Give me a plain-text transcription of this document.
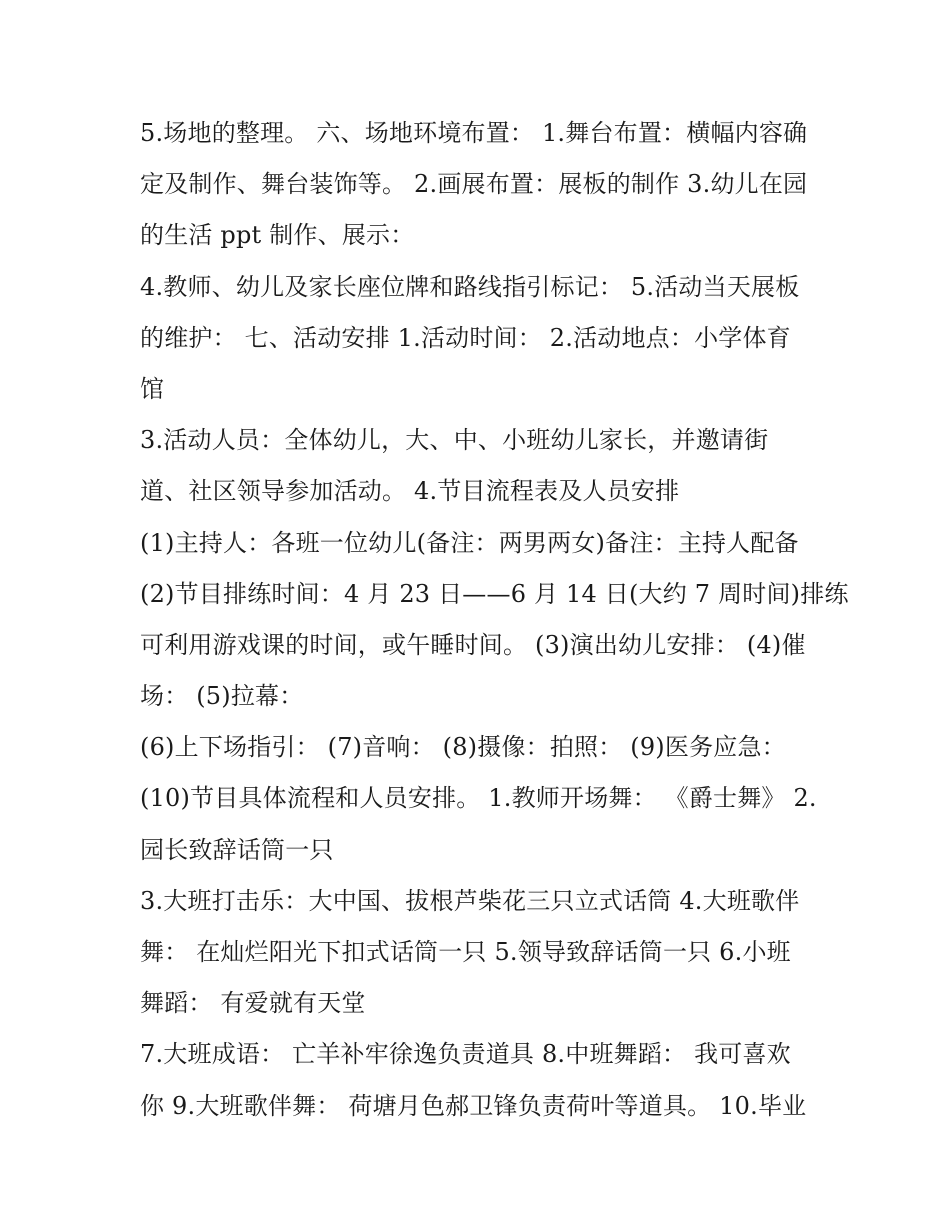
5.场地的整理。 六、场地环境布置： 1.舞台布置：横幅内容确
定及制作、舞台装饰等。 2.画展布置：展板的制作 3.幼儿在园
的生活 ppt 制作、展示：
4.教师、幼儿及家长座位牌和路线指引标记： 5.活动当天展板
的维护： 七、活动安排 1.活动时间： 2.活动地点：小学体育
馆
3.活动人员：全体幼儿，大、中、小班幼儿家长，并邀请街
道、社区领导参加活动。 4.节目流程表及人员安排
(1)主持人：各班一位幼儿(备注：两男两女)备注：主持人配备
(2)节目排练时间：4 月 23 日——6 月 14 日(大约 7 周时间)排练
可利用游戏课的时间，或午睡时间。 (3)演出幼儿安排： (4)催
场： (5)拉幕：
(6)上下场指引： (7)音响： (8)摄像：拍照： (9)医务应急：
(10)节目具体流程和人员安排。 1.教师开场舞： 《爵士舞》 2.
园长致辞话筒一只
3.大班打击乐：大中国、拔根芦柴花三只立式话筒 4.大班歌伴
舞： 在灿烂阳光下扣式话筒一只 5.领导致辞话筒一只 6.小班
舞蹈： 有爱就有天堂
7.大班成语： 亡羊补牢徐逸负责道具 8.中班舞蹈： 我可喜欢
你 9.大班歌伴舞： 荷塘月色郝卫锋负责荷叶等道具。 10.毕业
